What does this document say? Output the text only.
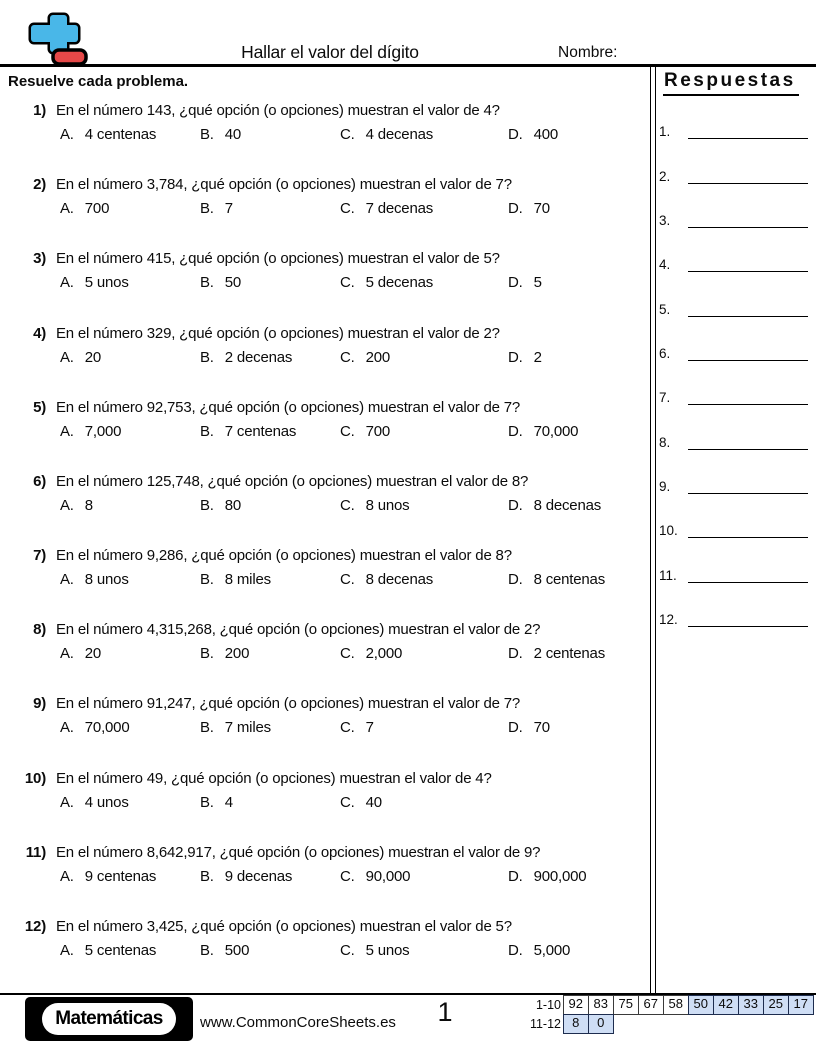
Hallar el valor del dígito	Nombre:
Resuelve cada problema.
1) En el número 143, ¿qué opción (o opciones) muestran el valor de 4?
A. 4 centenas	B. 40	C. 4 decenas	D. 400
2) En el número 3,784, ¿qué opción (o opciones) muestran el valor de 7?
A. 700	B. 7	C. 7 decenas	D. 70
3) En el número 415, ¿qué opción (o opciones) muestran el valor de 5?
A. 5 unos	B. 50	C. 5 decenas	D. 5
4) En el número 329, ¿qué opción (o opciones) muestran el valor de 2?
A. 20	B. 2 decenas	C. 200	D. 2
5) En el número 92,753, ¿qué opción (o opciones) muestran el valor de 7?
A. 7,000	B. 7 centenas	C. 700	D. 70,000
6) En el número 125,748, ¿qué opción (o opciones) muestran el valor de 8?
A. 8	B. 80	C. 8 unos	D. 8 decenas
7) En el número 9,286, ¿qué opción (o opciones) muestran el valor de 8?
A. 8 unos	B. 8 miles	C. 8 decenas	D. 8 centenas
8) En el número 4,315,268, ¿qué opción (o opciones) muestran el valor de 2?
A. 20	B. 200	C. 2,000	D. 2 centenas
9) En el número 91,247, ¿qué opción (o opciones) muestran el valor de 7?
A. 70,000	B. 7 miles	C. 7	D. 70
10) En el número 49, ¿qué opción (o opciones) muestran el valor de 4?
A. 4 unos	B. 4	C. 40
11) En el número 8,642,917, ¿qué opción (o opciones) muestran el valor de 9?
A. 9 centenas	B. 9 decenas	C. 90,000	D. 900,000
12) En el número 3,425, ¿qué opción (o opciones) muestran el valor de 5?
A. 5 centenas	B. 500	C. 5 unos	D. 5,000
Respuestas
1.
2.
3.
4.
5.
6.
7.
8.
9.
10.
11.
12.
Matemáticas	www.CommonCoreSheets.es	1	1-10 92 83 75 67 58 50 42 33 25 17
11-12 8	0
